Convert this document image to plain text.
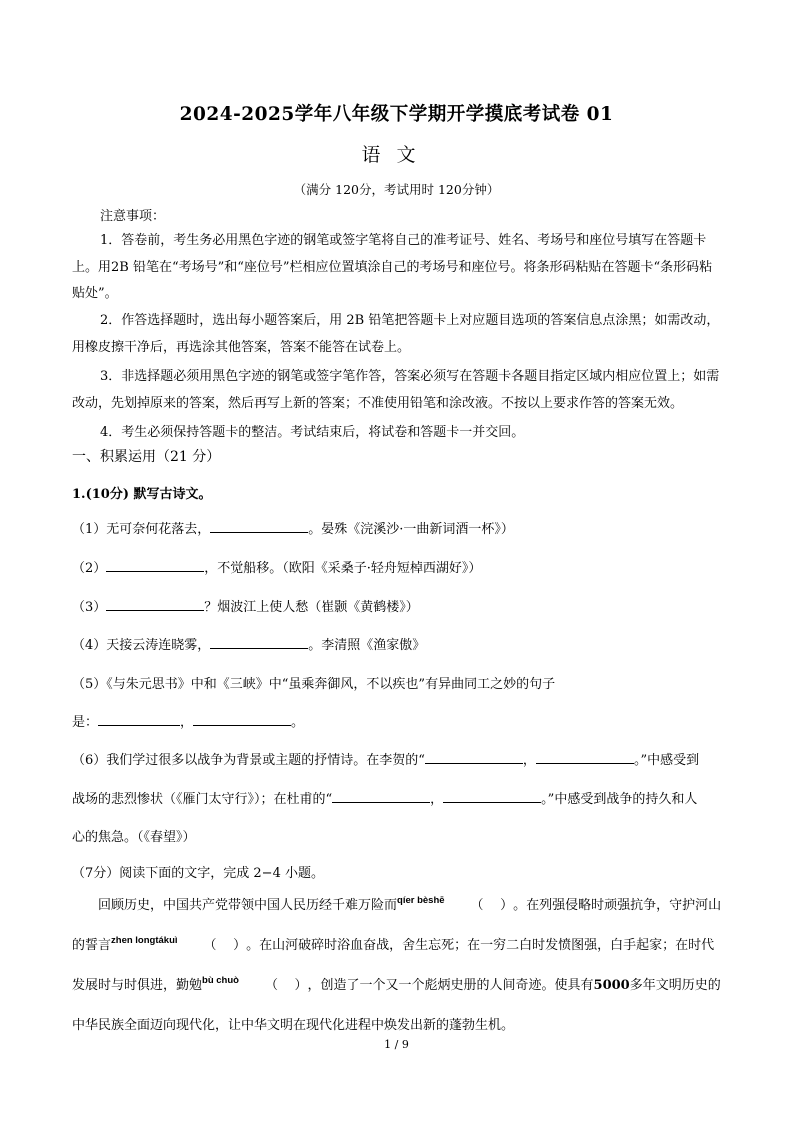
2024-2025学年八年级下学期开学摸底考试卷 01
语文
（满分 120分，考试用时 120分钟）
注意事项：

1．答卷前，考生务必用黑色字迹的钢笔或签字笔将自己的准考证号、姓名、考场号和座位号填写在答题卡上。用2B 铅笔在“考场号”和“座位号”栏相应位置填涂自己的考场号和座位号。将条形码粘贴在答题卡“条形码粘贴处”。

2．作答选择题时，选出每小题答案后，用 2B 铅笔把答题卡上对应题目选项的答案信息点涂黑；如需改动，用橡皮擦干净后，再选涂其他答案，答案不能答在试卷上。

3．非选择题必须用黑色字迹的钢笔或签字笔作答，答案必须写在答题卡各题目指定区域内相应位置上；如需改动，先划掉原来的答案，然后再写上新的答案；不准使用铅笔和涂改液。不按以上要求作答的答案无效。

4．考生必须保持答题卡的整洁。考试结束后，将试卷和答题卡一并交回。

一、积累运用（21 分）
1.(10分) 默写古诗文。
（1）无可奈何花落去，	。晏殊《浣溪沙·一曲新词酒一杯》）
（2）	，不觉船移。（欧阳《采桑子·轻舟短棹西湖好》）
（3）	？烟波江上使人愁（崔颢《黄鹤楼》）
（4）天接云涛连晓雾，	。李清照《渔家傲》
（5）《与朱元思书》中和《三峡》中“虽乘奔御风，不以疾也”有异曲同工之妙的句子
是：	，	。
（6）我们学过很多以战争为背景或主题的抒情诗。在李贺的“	，	。”中感受到
战场的悲烈惨状（《雁门太守行》）；在杜甫的“	，	。”中感受到战争的持久和人
心的焦急。（《春望》）
（7分）阅读下面的文字，完成 2−4 小题。

回顾历史，中国共产党带领中国人民历经千难万险而$^{qíer bèshē}$ （ ）。在列强侵略时顽强抗争，守护河山的誓言$^{zhen longtákuì}$ （ ）。在山河破碎时浴血奋战，舍生忘死；在一穷二白时发愤图强，白手起家；在时代发展时与时俱进，勤勉$^{bù chuò}$ （ ），创造了一个又一个彪炳史册的人间奇迹。使具有5000多年文明历史的中华民族全面迈向现代化，让中华文明在现代化进程中焕发出新的蓬勃生机。

1 / 9
